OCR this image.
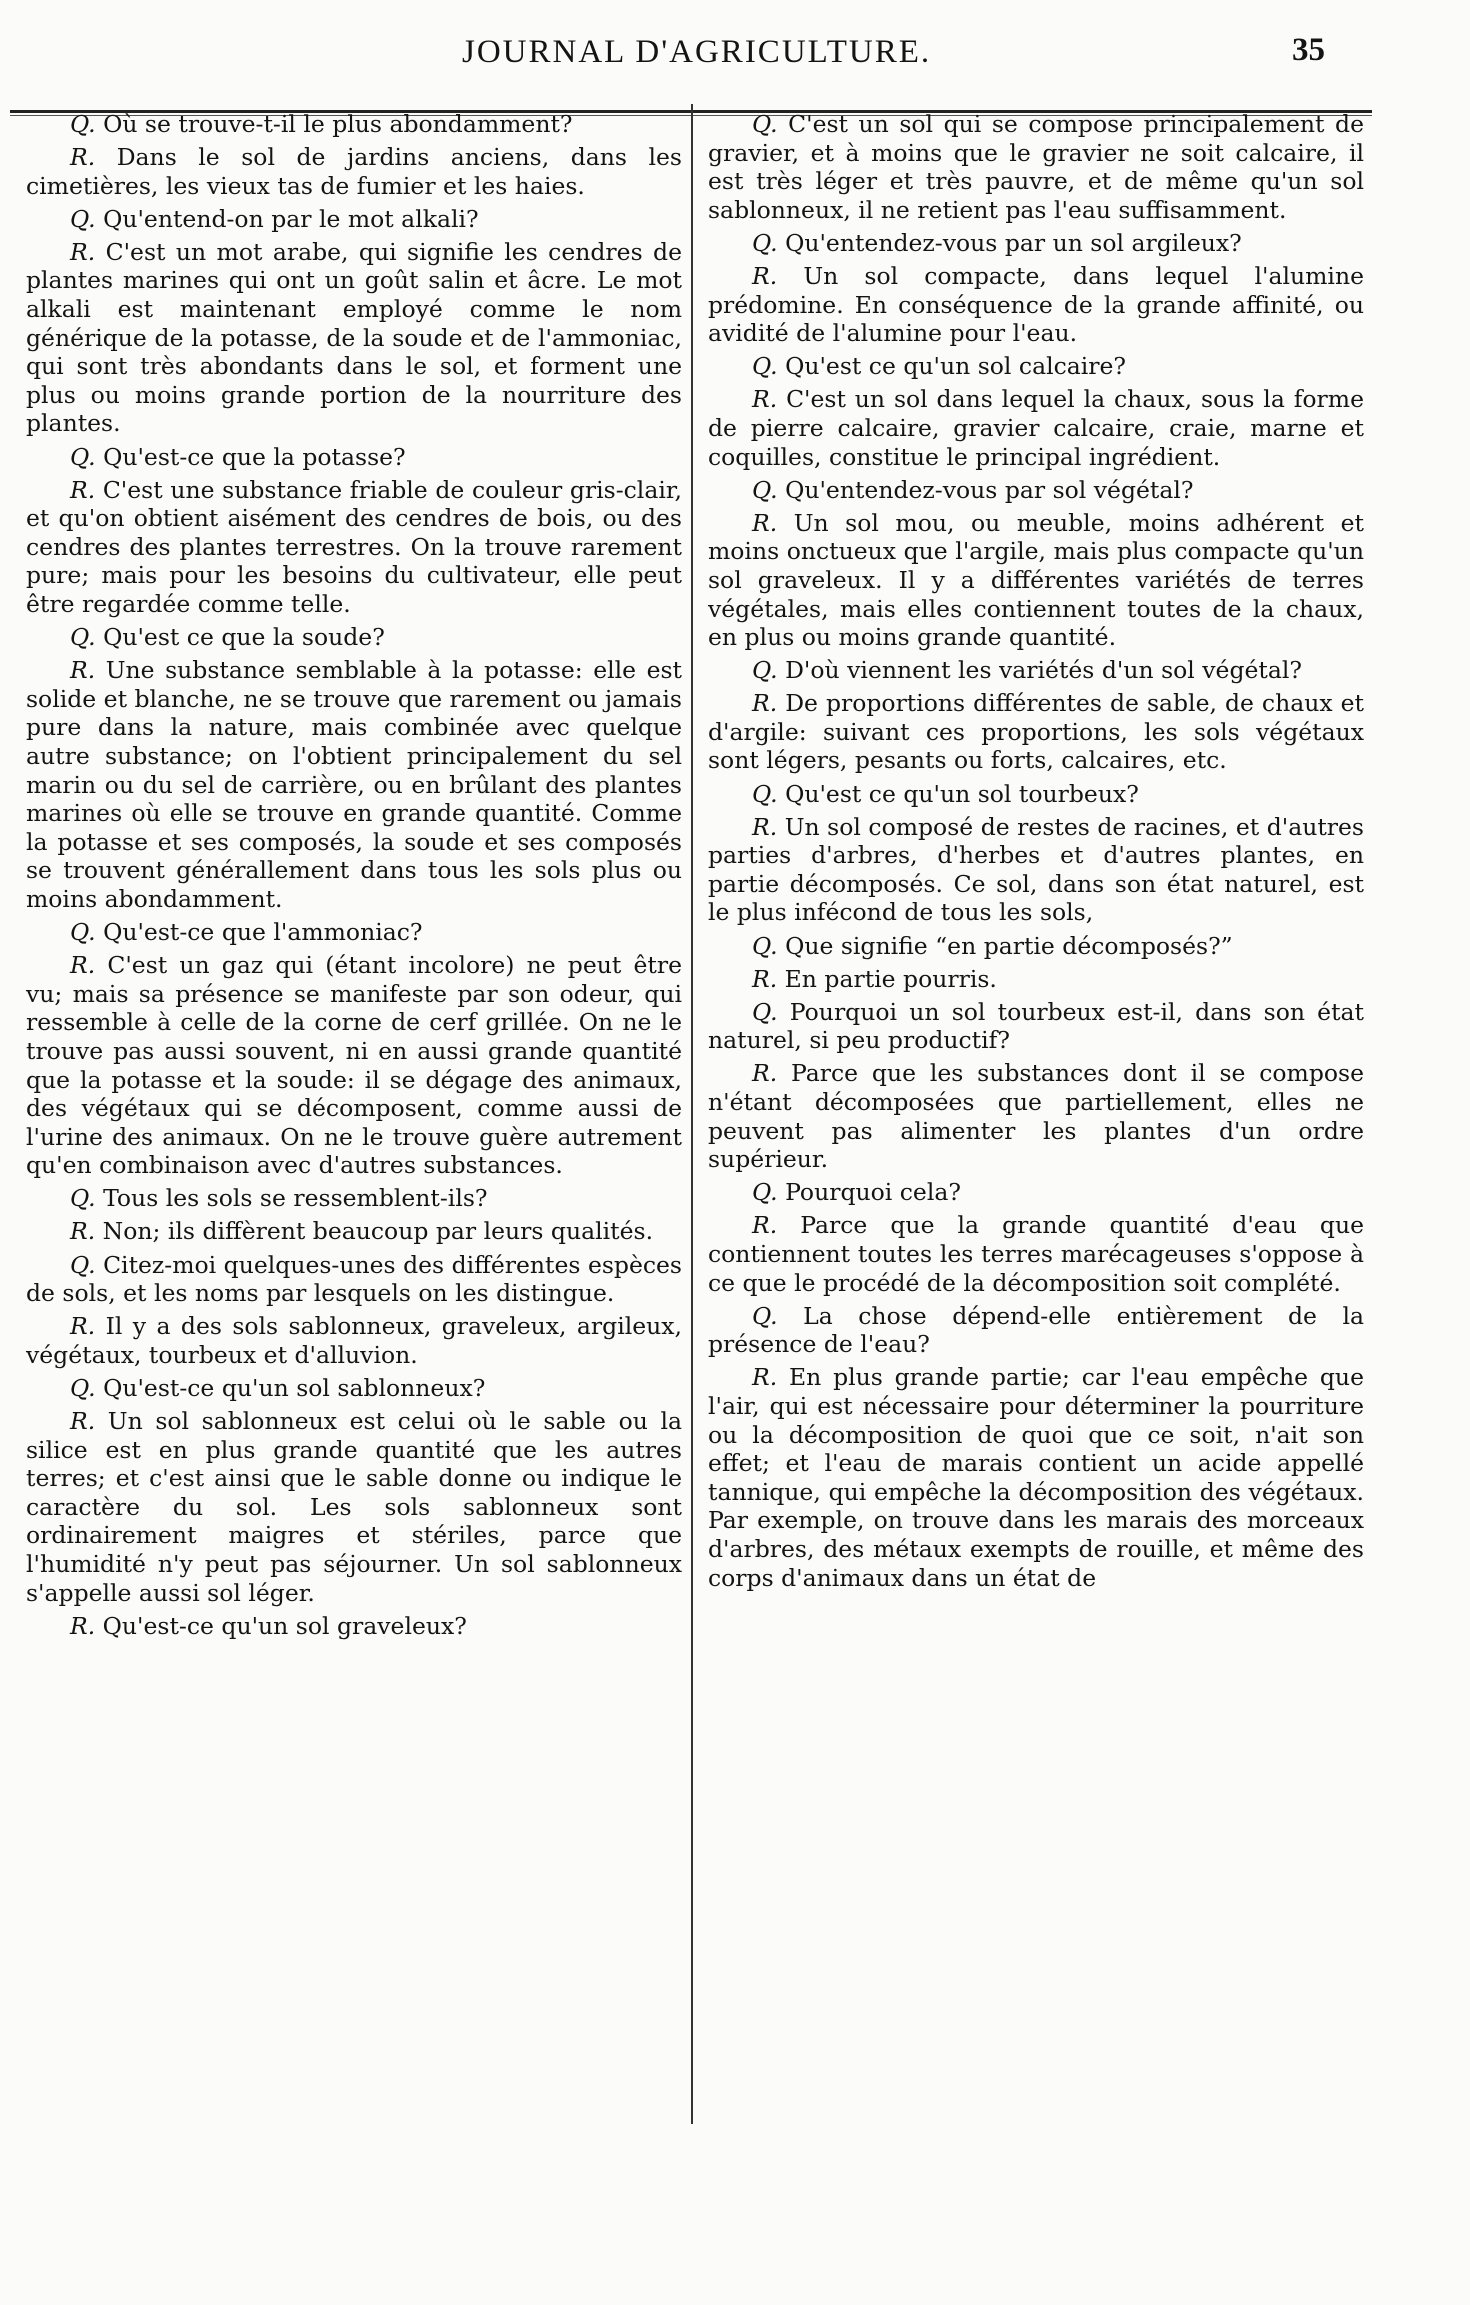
JOURNAL D'AGRICULTURE.	35

Q. Où se trouve-t-il le plus abondamment?

R. Dans le sol de jardins anciens, dans les cimetières, les vieux tas de fumier et les haies.

Q. Qu'entend-on par le mot alkali?

R. C'est un mot arabe, qui signifie les cendres de plantes marines qui ont un goût salin et âcre. Le mot alkali est maintenant employé comme le nom générique de la potasse, de la soude et de l'ammoniac, qui sont très abondants dans le sol, et forment une plus ou moins grande portion de la nourriture des plantes.

Q. Qu'est-ce que la potasse?

R. C'est une substance friable de couleur gris-clair, et qu'on obtient aisément des cendres de bois, ou des cendres des plantes terrestres. On la trouve rarement pure; mais pour les besoins du cultivateur, elle peut être regardée comme telle.

Q. Qu'est ce que la soude?

R. Une substance semblable à la potasse: elle est solide et blanche, ne se trouve que rarement ou jamais pure dans la nature, mais combinée avec quelque autre substance; on l'obtient principalement du sel marin ou du sel de carrière, ou en brûlant des plantes marines où elle se trouve en grande quantité. Comme la potasse et ses composés, la soude et ses composés se trouvent générallement dans tous les sols plus ou moins abondamment.

Q. Qu'est-ce que l'ammoniac?

R. C'est un gaz qui (étant incolore) ne peut être vu; mais sa présence se manifeste par son odeur, qui ressemble à celle de la corne de cerf grillée. On ne le trouve pas aussi souvent, ni en aussi grande quantité que la potasse et la soude: il se dégage des animaux, des végétaux qui se décomposent, comme aussi de l'urine des animaux. On ne le trouve guère autrement qu'en combinaison avec d'autres substances.

Q. Tous les sols se ressemblent-ils?

R. Non; ils diffèrent beaucoup par leurs qualités.

Q. Citez-moi quelques-unes des différentes espèces de sols, et les noms par lesquels on les distingue.

R. Il y a des sols sablonneux, graveleux, argileux, végétaux, tourbeux et d'alluvion.

Q. Qu'est-ce qu'un sol sablonneux?

R. Un sol sablonneux est celui où le sable ou la silice est en plus grande quantité que les autres terres; et c'est ainsi que le sable donne ou indique le caractère du sol. Les sols sablonneux sont ordinairement maigres et stériles, parce que l'humidité n'y peut pas séjourner. Un sol sablonneux s'appelle aussi sol léger.

R. Qu'est-ce qu'un sol graveleux?

Q. C'est un sol qui se compose principalement de gravier, et à moins que le gravier ne soit calcaire, il est très léger et très pauvre, et de même qu'un sol sablonneux, il ne retient pas l'eau suffisamment.

Q. Qu'entendez-vous par un sol argileux?

R. Un sol compacte, dans lequel l'alumine prédomine. En conséquence de la grande affinité, ou avidité de l'alumine pour l'eau.

Q. Qu'est ce qu'un sol calcaire?

R. C'est un sol dans lequel la chaux, sous la forme de pierre calcaire, gravier calcaire, craie, marne et coquilles, constitue le principal ingrédient.

Q. Qu'entendez-vous par sol végétal?

R. Un sol mou, ou meuble, moins adhérent et moins onctueux que l'argile, mais plus compacte qu'un sol graveleux. Il y a différentes variétés de terres végétales, mais elles contiennent toutes de la chaux, en plus ou moins grande quantité.

Q. D'où viennent les variétés d'un sol végétal?

R. De proportions différentes de sable, de chaux et d'argile: suivant ces proportions, les sols végétaux sont légers, pesants ou forts, calcaires, etc.

Q. Qu'est ce qu'un sol tourbeux?

R. Un sol composé de restes de racines, et d'autres parties d'arbres, d'herbes et d'autres plantes, en partie décomposés. Ce sol, dans son état naturel, est le plus infécond de tous les sols,

Q. Que signifie “en partie décomposés?”

R. En partie pourris.

Q. Pourquoi un sol tourbeux est-il, dans son état naturel, si peu productif?

R. Parce que les substances dont il se compose n'étant décomposées que partiellement, elles ne peuvent pas alimenter les plantes d'un ordre supérieur.

Q. Pourquoi cela?

R. Parce que la grande quantité d'eau que contiennent toutes les terres marécageuses s'oppose à ce que le procédé de la décomposition soit complété.

Q. La chose dépend-elle entièrement de la présence de l'eau?

R. En plus grande partie; car l'eau empêche que l'air, qui est nécessaire pour déterminer la pourriture ou la décomposition de quoi que ce soit, n'ait son effet; et l'eau de marais contient un acide appellé tannique, qui empêche la décomposition des végétaux. Par exemple, on trouve dans les marais des morceaux d'arbres, des métaux exempts de rouille, et même des corps d'animaux dans un état de
